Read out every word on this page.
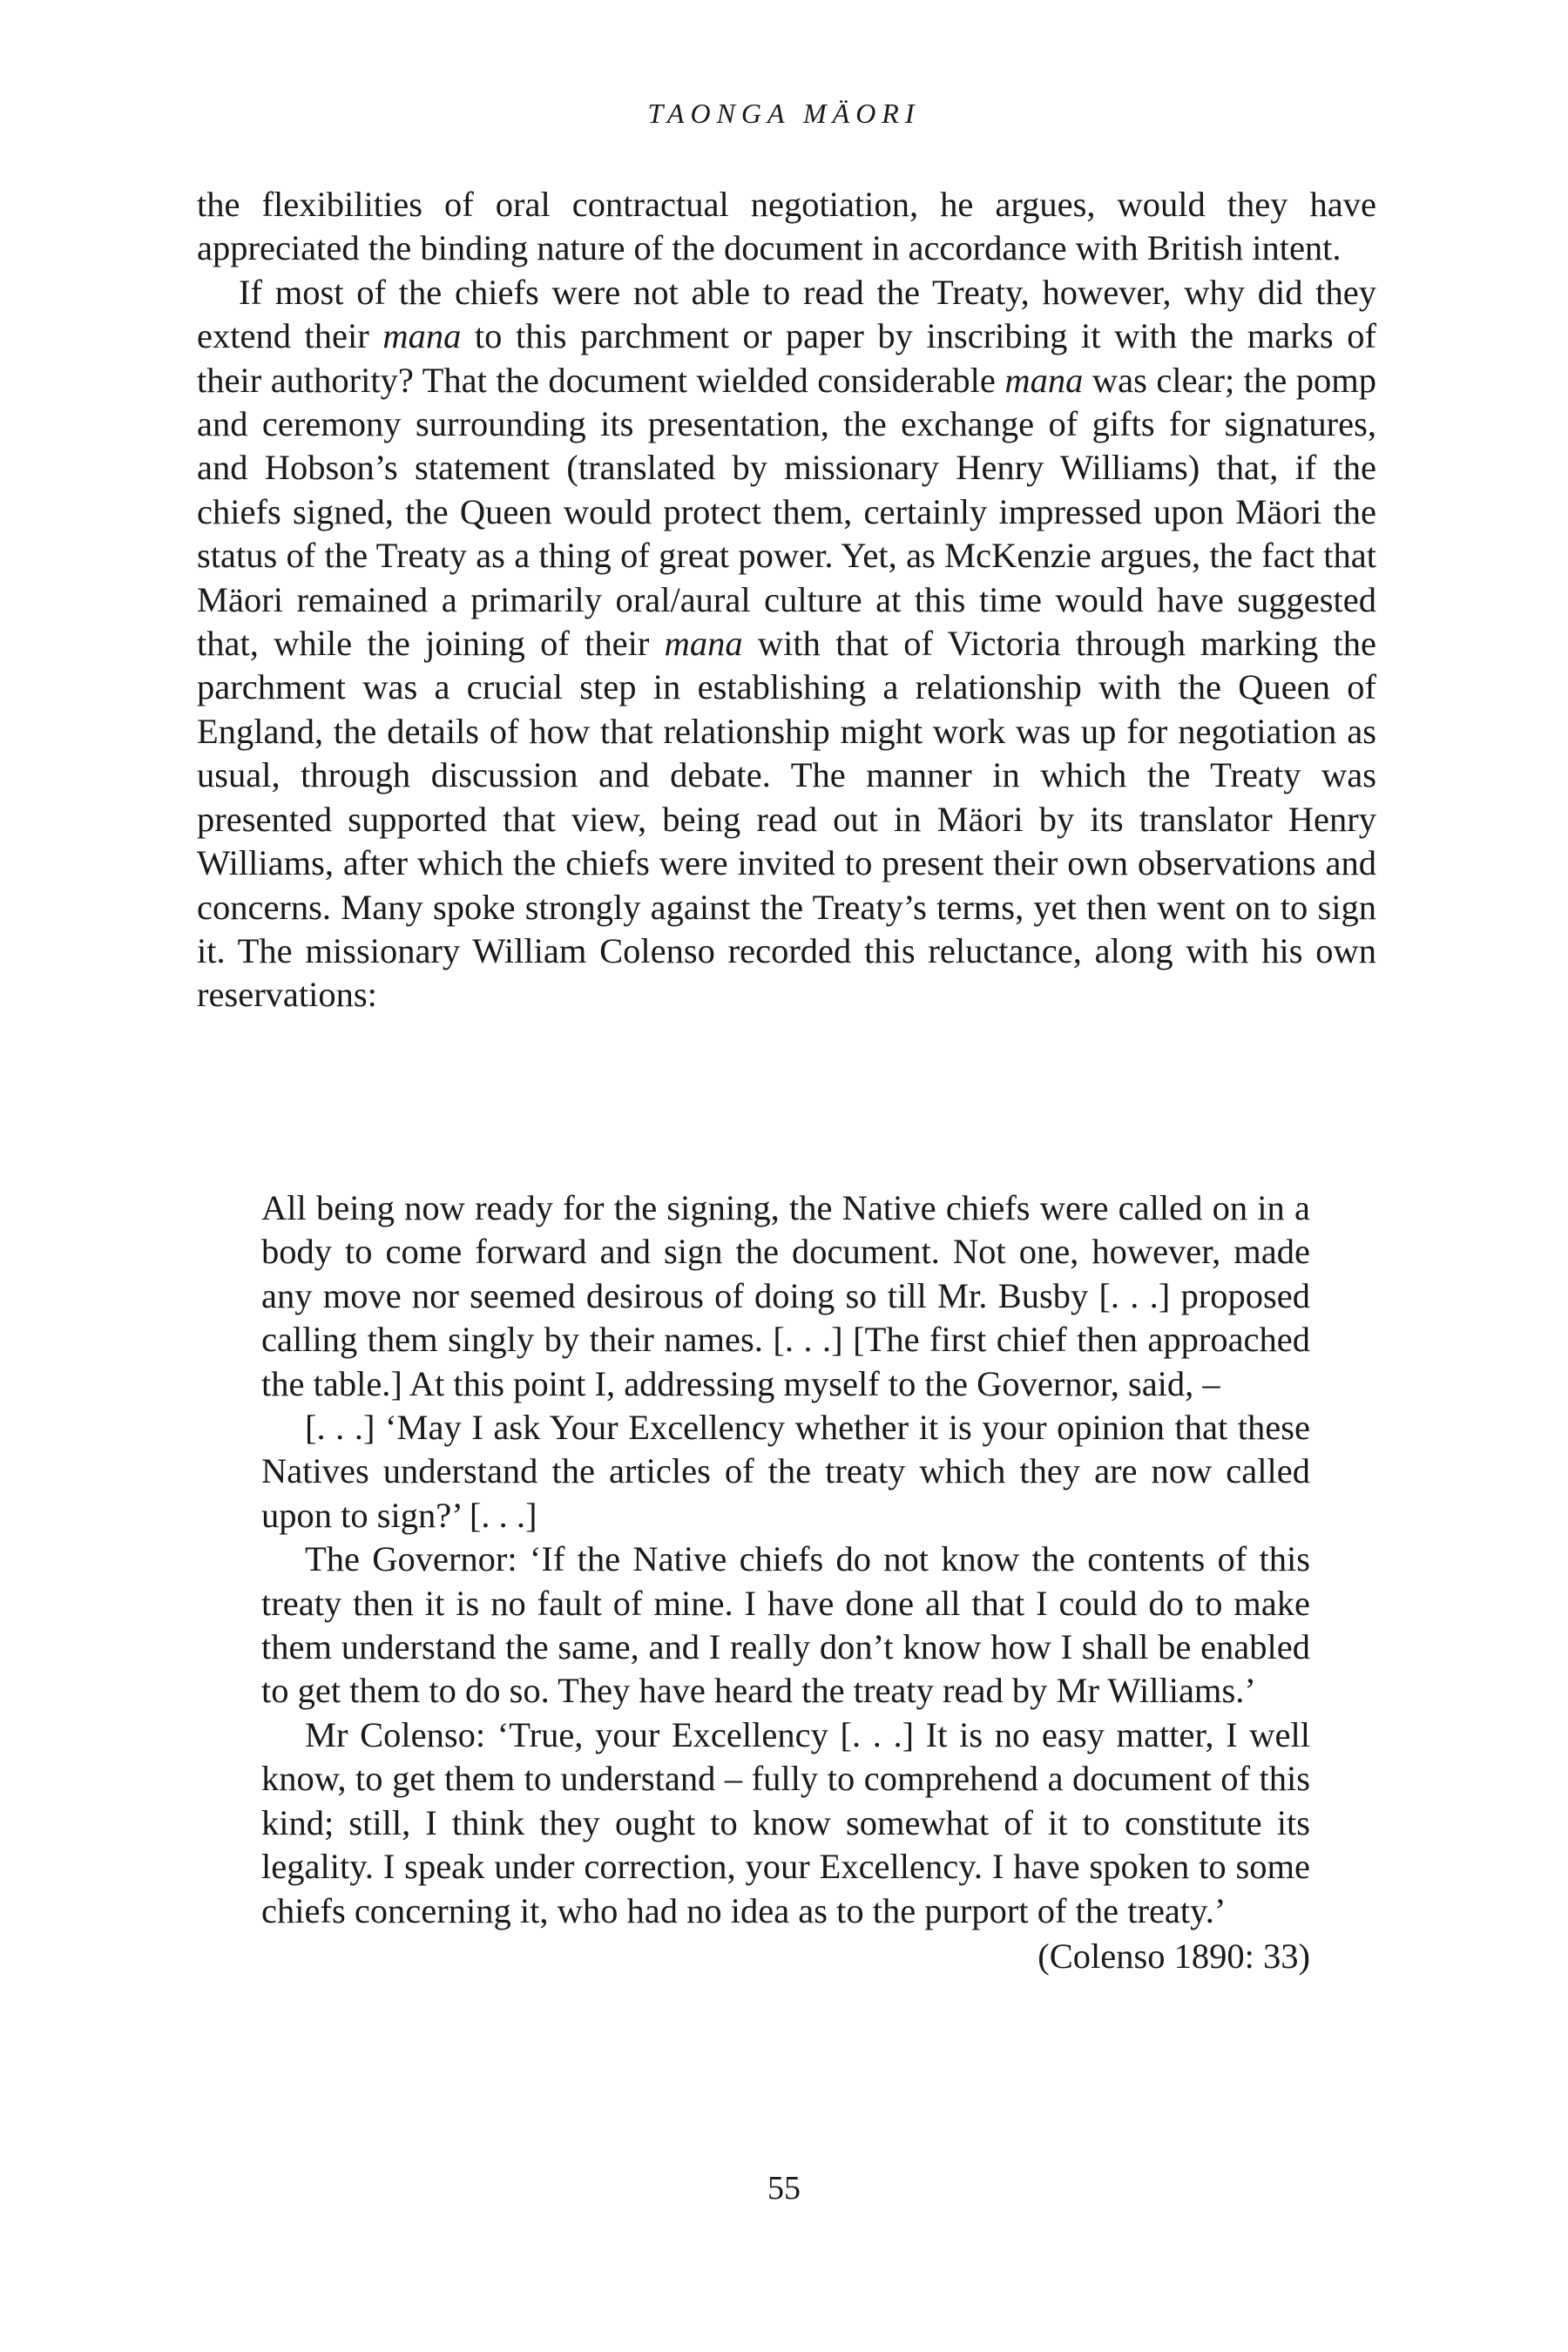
TAONGA MÄORI

the flexibilities of oral contractual negotiation, he argues, would they have appreciated the binding nature of the document in accordance with British intent.

If most of the chiefs were not able to read the Treaty, however, why did they extend their mana to this parchment or paper by inscribing it with the marks of their authority? That the document wielded considerable mana was clear; the pomp and ceremony surrounding its presentation, the exchange of gifts for signatures, and Hobson’s statement (translated by missionary Henry Williams) that, if the chiefs signed, the Queen would protect them, certainly impressed upon Mäori the status of the Treaty as a thing of great power. Yet, as McKenzie argues, the fact that Mäori remained a primarily oral/aural culture at this time would have suggested that, while the joining of their mana with that of Victoria through marking the parchment was a crucial step in establishing a relationship with the Queen of England, the details of how that relationship might work was up for negotiation as usual, through discussion and debate. The manner in which the Treaty was presented supported that view, being read out in Mäori by its translator Henry Williams, after which the chiefs were invited to present their own observations and concerns. Many spoke strongly against the Treaty’s terms, yet then went on to sign it. The missionary William Colenso recorded this reluctance, along with his own reservations:

All being now ready for the signing, the Native chiefs were called on in a body to come forward and sign the document. Not one, however, made any move nor seemed desirous of doing so till Mr. Busby [. . .] proposed calling them singly by their names. [. . .] [The first chief then approached the table.] At this point I, addressing myself to the Governor, said, –

[. . .] ‘May I ask Your Excellency whether it is your opinion that these Natives understand the articles of the treaty which they are now called upon to sign?’ [. . .]

The Governor: ‘If the Native chiefs do not know the contents of this treaty then it is no fault of mine. I have done all that I could do to make them understand the same, and I really don’t know how I shall be enabled to get them to do so. They have heard the treaty read by Mr Williams.’

Mr Colenso: ‘True, your Excellency [. . .] It is no easy matter, I well know, to get them to understand – fully to comprehend a document of this kind; still, I think they ought to know somewhat of it to constitute its legality. I speak under correction, your Excellency. I have spoken to some chiefs concerning it, who had no idea as to the purport of the treaty.’

(Colenso 1890: 33)

55
